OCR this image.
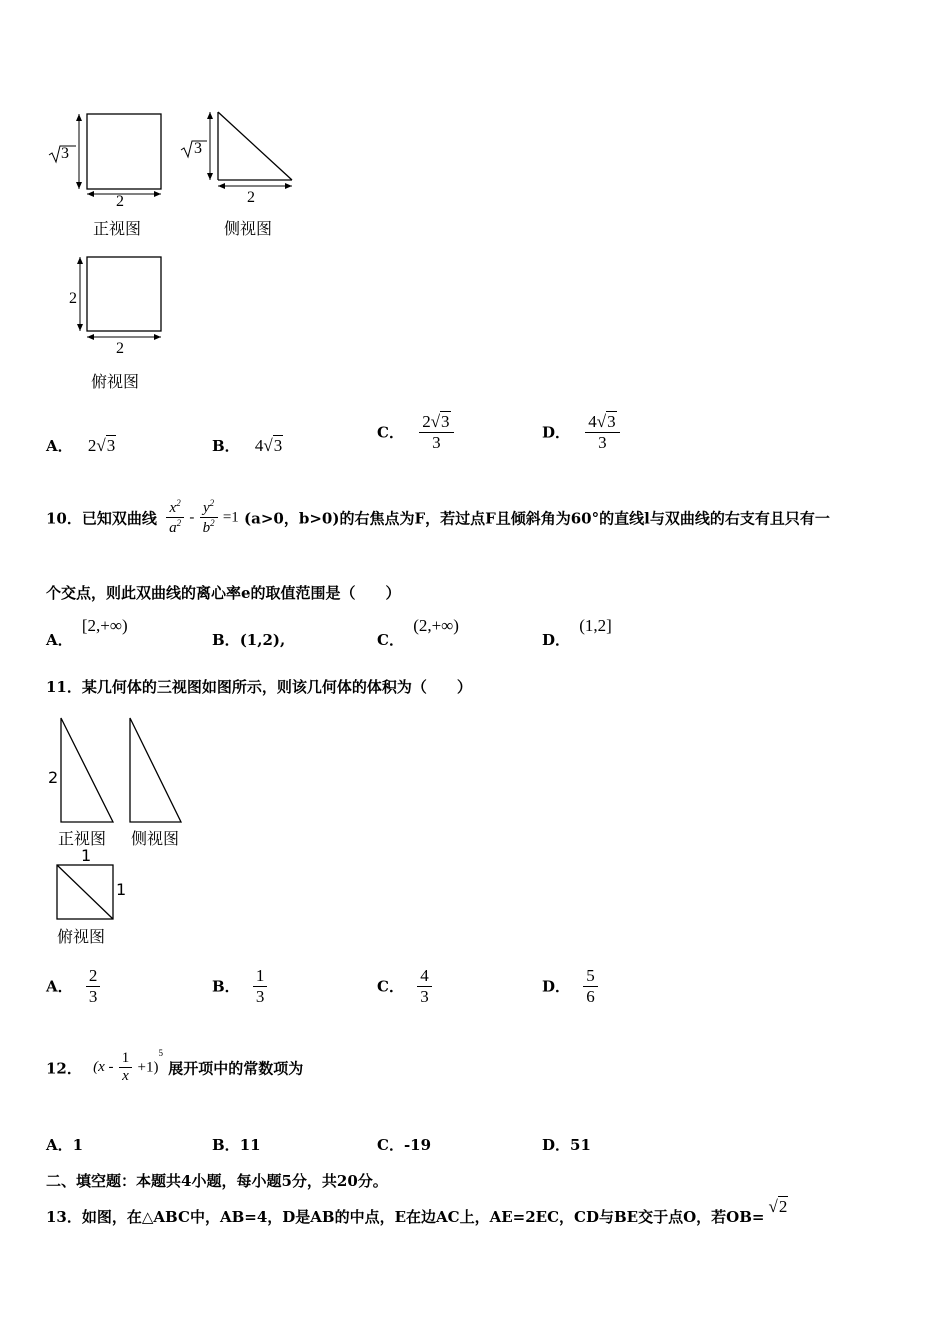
3
2
正视图
3
2
侧视图
2
2
俯视图
A． 2√3	B． 4√3
C． $\frac{2√3}{3}$	D． $\frac{4√3}{3}$
10．已知双曲线 $\frac{x^2}{a^2} - \frac{y^2}{b^2} =1$ (a>0，b>0)的右焦点为F，若过点F且倾斜角为60°的直线l与双曲线的右支有且只有一
个交点，则此双曲线的离心率e的取值范围是（　　）
A． [2,+∞)
B．(1,2),	C． (2,+∞)
D． (1,2]
11．某几何体的三视图如图所示，则该几何体的体积为（　　）
2
正视图 侧视图
1
1
俯视图
A． $\frac{2}{3}$	B． $\frac{1}{3}$	C． $\frac{4}{3}$	D． $\frac{5}{6}$
12． $(x - \frac{1}{x} +1)^5$ 展开项中的常数项为
A．1	B．11	C．-19	D．51
二、填空题：本题共4小题，每小题5分，共20分。
13．如图，在△ABC中，AB=4，D是AB的中点，E在边AC上，AE=2EC，CD与BE交于点O，若OB=√2
